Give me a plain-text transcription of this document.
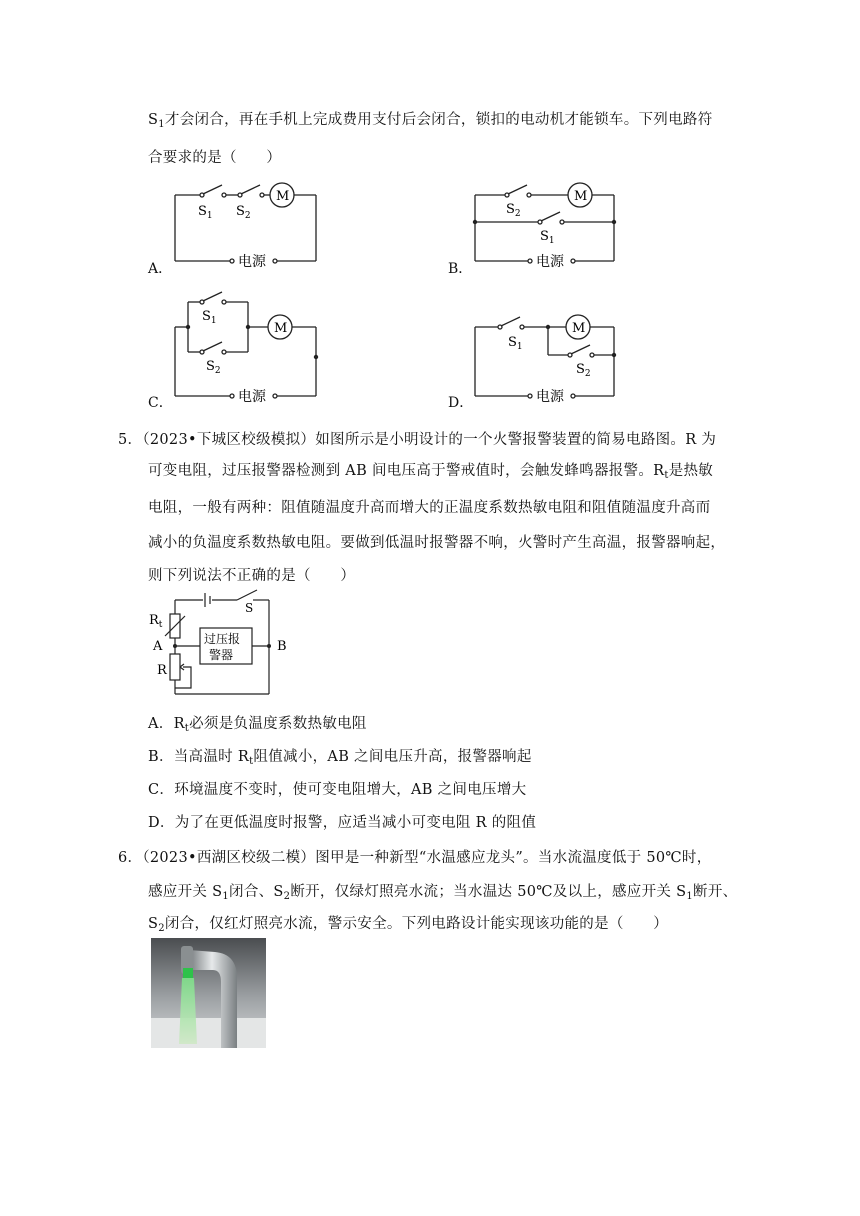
$S_1$才会闭合，再在手机上完成费用支付后会闭合，锁扣的电动机才能锁车。下列电路符
合要求的是（　　）
A．
M
$S_1$ $S_2$
电源	B．
M
$S_2$
$S_1$
电源
C．
M
$S_1$
$S_2$
电源	D．
M
$S_1$
$S_2$
电源
5．（2023•下城区校级模拟）如图所示是小明设计的一个火警报警装置的简易电路图。R 为
可变电阻，过压报警器检测到 AB 间电压高于警戒值时，会触发蜂鸣器报警。$R_t$是热敏
电阻，一般有两种：阻值随温度升高而增大的正温度系数热敏电阻和阻值随温度升高而
减小的负温度系数热敏电阻。要做到低温时报警器不响，火警时产生高温，报警器响起，
则下列说法不正确的是（　　）
$R_t$
A
R
S
B
过压报
警器
A．$R_t$必须是负温度系数热敏电阻
B．当高温时 $R_t$阻值减小，AB 之间电压升高，报警器响起
C．环境温度不变时，使可变电阻增大，AB 之间电压增大
D．为了在更低温度时报警，应适当减小可变电阻 R 的阻值
6．（2023•西湖区校级二模）图甲是一种新型“水温感应龙头”。当水流温度低于 50℃时，
感应开关 $S_1$闭合、$S_2$断开，仅绿灯照亮水流；当水温达 50℃及以上，感应开关 $S_1$断开、
$S_2$闭合，仅红灯照亮水流，警示安全。下列电路设计能实现该功能的是（　　）
